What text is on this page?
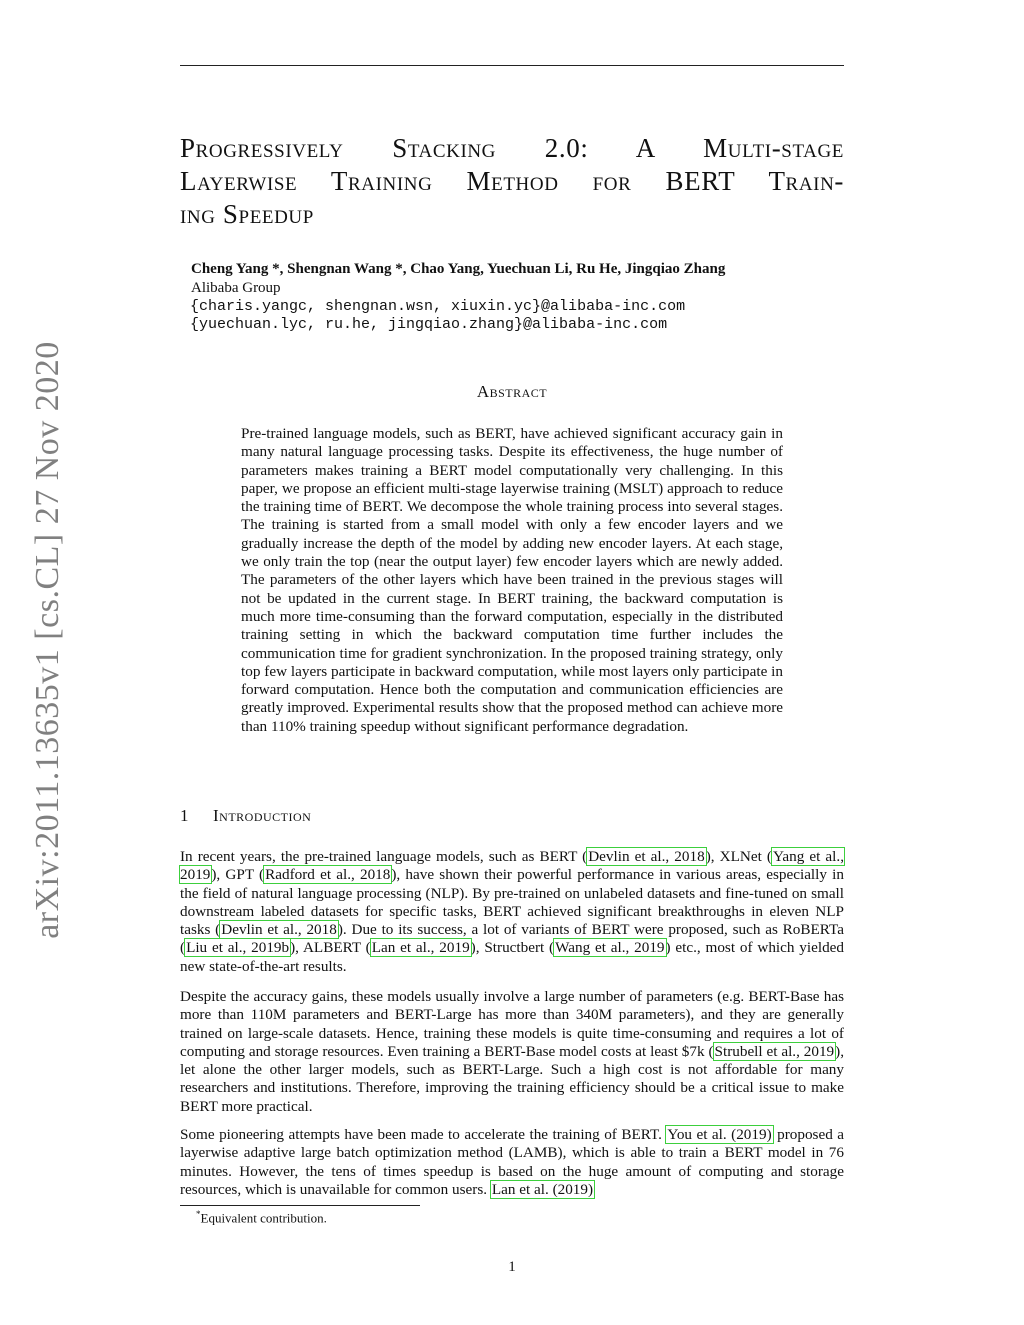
arXiv:2011.13635v1 [cs.CL] 27 Nov 2020
Progressively Stacking 2.0: A Multi-stage
Layerwise Training Method for BERT Train-
ing Speedup
Cheng Yang *, Shengnan Wang *, Chao Yang, Yuechuan Li, Ru He, Jingqiao Zhang
Alibaba Group
{charis.yangc, shengnan.wsn, xiuxin.yc}@alibaba-inc.com
{yuechuan.lyc, ru.he, jingqiao.zhang}@alibaba-inc.com
Abstract
Pre-trained language models, such as BERT, have achieved significant accuracy gain in many natural language processing tasks. Despite its effectiveness, the huge number of parameters makes training a BERT model computationally very challenging. In this paper, we propose an efficient multi-stage layerwise training (MSLT) approach to reduce the training time of BERT. We decompose the whole training process into several stages. The training is started from a small model with only a few encoder layers and we gradually increase the depth of the model by adding new encoder layers. At each stage, we only train the top (near the output layer) few encoder layers which are newly added. The parameters of the other layers which have been trained in the previous stages will not be updated in the current stage. In BERT training, the backward computation is much more time-consuming than the forward computation, especially in the distributed training setting in which the backward computation time further includes the communication time for gradient synchronization. In the proposed training strategy, only top few layers participate in backward computation, while most layers only participate in forward computation. Hence both the computation and communication efficiencies are greatly improved. Experimental results show that the proposed method can achieve more than 110% training speedup without significant performance degradation.
1 Introduction
In recent years, the pre-trained language models, such as BERT (Devlin et al., 2018), XLNet (Yang et al., 2019), GPT (Radford et al., 2018), have shown their powerful performance in various areas, especially in the field of natural language processing (NLP). By pre-trained on unlabeled datasets and fine-tuned on small downstream labeled datasets for specific tasks, BERT achieved significant breakthroughs in eleven NLP tasks (Devlin et al., 2018). Due to its success, a lot of variants of BERT were proposed, such as RoBERTa (Liu et al., 2019b), ALBERT (Lan et al., 2019), Structbert (Wang et al., 2019) etc., most of which yielded new state-of-the-art results.
Despite the accuracy gains, these models usually involve a large number of parameters (e.g. BERT-Base has more than 110M parameters and BERT-Large has more than 340M parameters), and they are generally trained on large-scale datasets. Hence, training these models is quite time-consuming and requires a lot of computing and storage resources. Even training a BERT-Base model costs at least $7k (Strubell et al., 2019), let alone the other larger models, such as BERT-Large. Such a high cost is not affordable for many researchers and institutions. Therefore, improving the training efficiency should be a critical issue to make BERT more practical.
Some pioneering attempts have been made to accelerate the training of BERT. You et al. (2019) proposed a layerwise adaptive large batch optimization method (LAMB), which is able to train a BERT model in 76 minutes. However, the tens of times speedup is based on the huge amount of computing and storage resources, which is unavailable for common users. Lan et al. (2019)
*Equivalent contribution.
1
